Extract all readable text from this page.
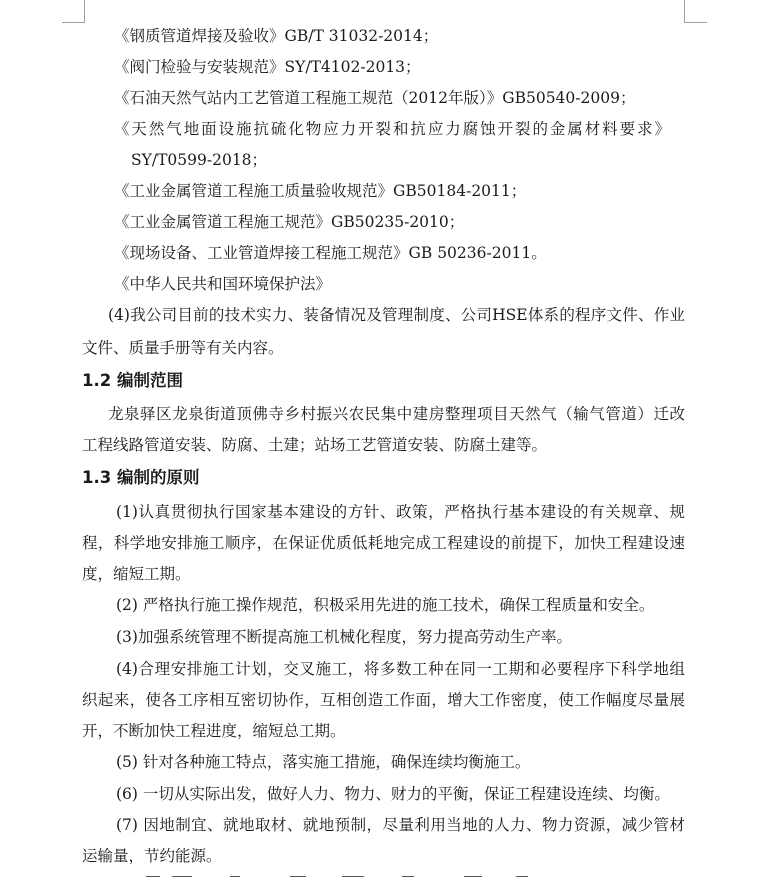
《钢质管道焊接及验收》GB/T 31032-2014；
《阀门检验与安装规范》SY/T4102-2013；
《石油天然气站内工艺管道工程施工规范（2012年版）》GB50540-2009；
《天然气地面设施抗硫化物应力开裂和抗应力腐蚀开裂的金属材料要求》
SY/T0599-2018；
《工业金属管道工程施工质量验收规范》GB50184-2011；
《工业金属管道工程施工规范》GB50235-2010；
《现场设备、工业管道焊接工程施工规范》GB 50236-2011。
《中华人民共和国环境保护法》
(4)我公司目前的技术实力、装备情况及管理制度、公司HSE体系的程序文件、作业
文件、质量手册等有关内容。
1.2 编制范围
龙泉驿区龙泉街道顶佛寺乡村振兴农民集中建房整理项目天然气（输气管道）迁改
工程线路管道安装、防腐、土建；站场工艺管道安装、防腐土建等。
1.3 编制的原则
(1)认真贯彻执行国家基本建设的方针、政策，严格执行基本建设的有关规章、规
程，科学地安排施工顺序，在保证优质低耗地完成工程建设的前提下，加快工程建设速
度，缩短工期。
(2) 严格执行施工操作规范，积极采用先进的施工技术，确保工程质量和安全。
(3)加强系统管理不断提高施工机械化程度，努力提高劳动生产率。
(4)合理安排施工计划，交叉施工，将多数工种在同一工期和必要程序下科学地组
织起来，使各工序相互密切协作，互相创造工作面，增大工作密度，使工作幅度尽量展
开，不断加快工程进度，缩短总工期。
(5) 针对各种施工特点，落实施工措施，确保连续均衡施工。
(6) 一切从实际出发，做好人力、物力、财力的平衡，保证工程建设连续、均衡。
(7) 因地制宜、就地取材、就地预制，尽量利用当地的人力、物力资源，减少管材
运输量，节约能源。
